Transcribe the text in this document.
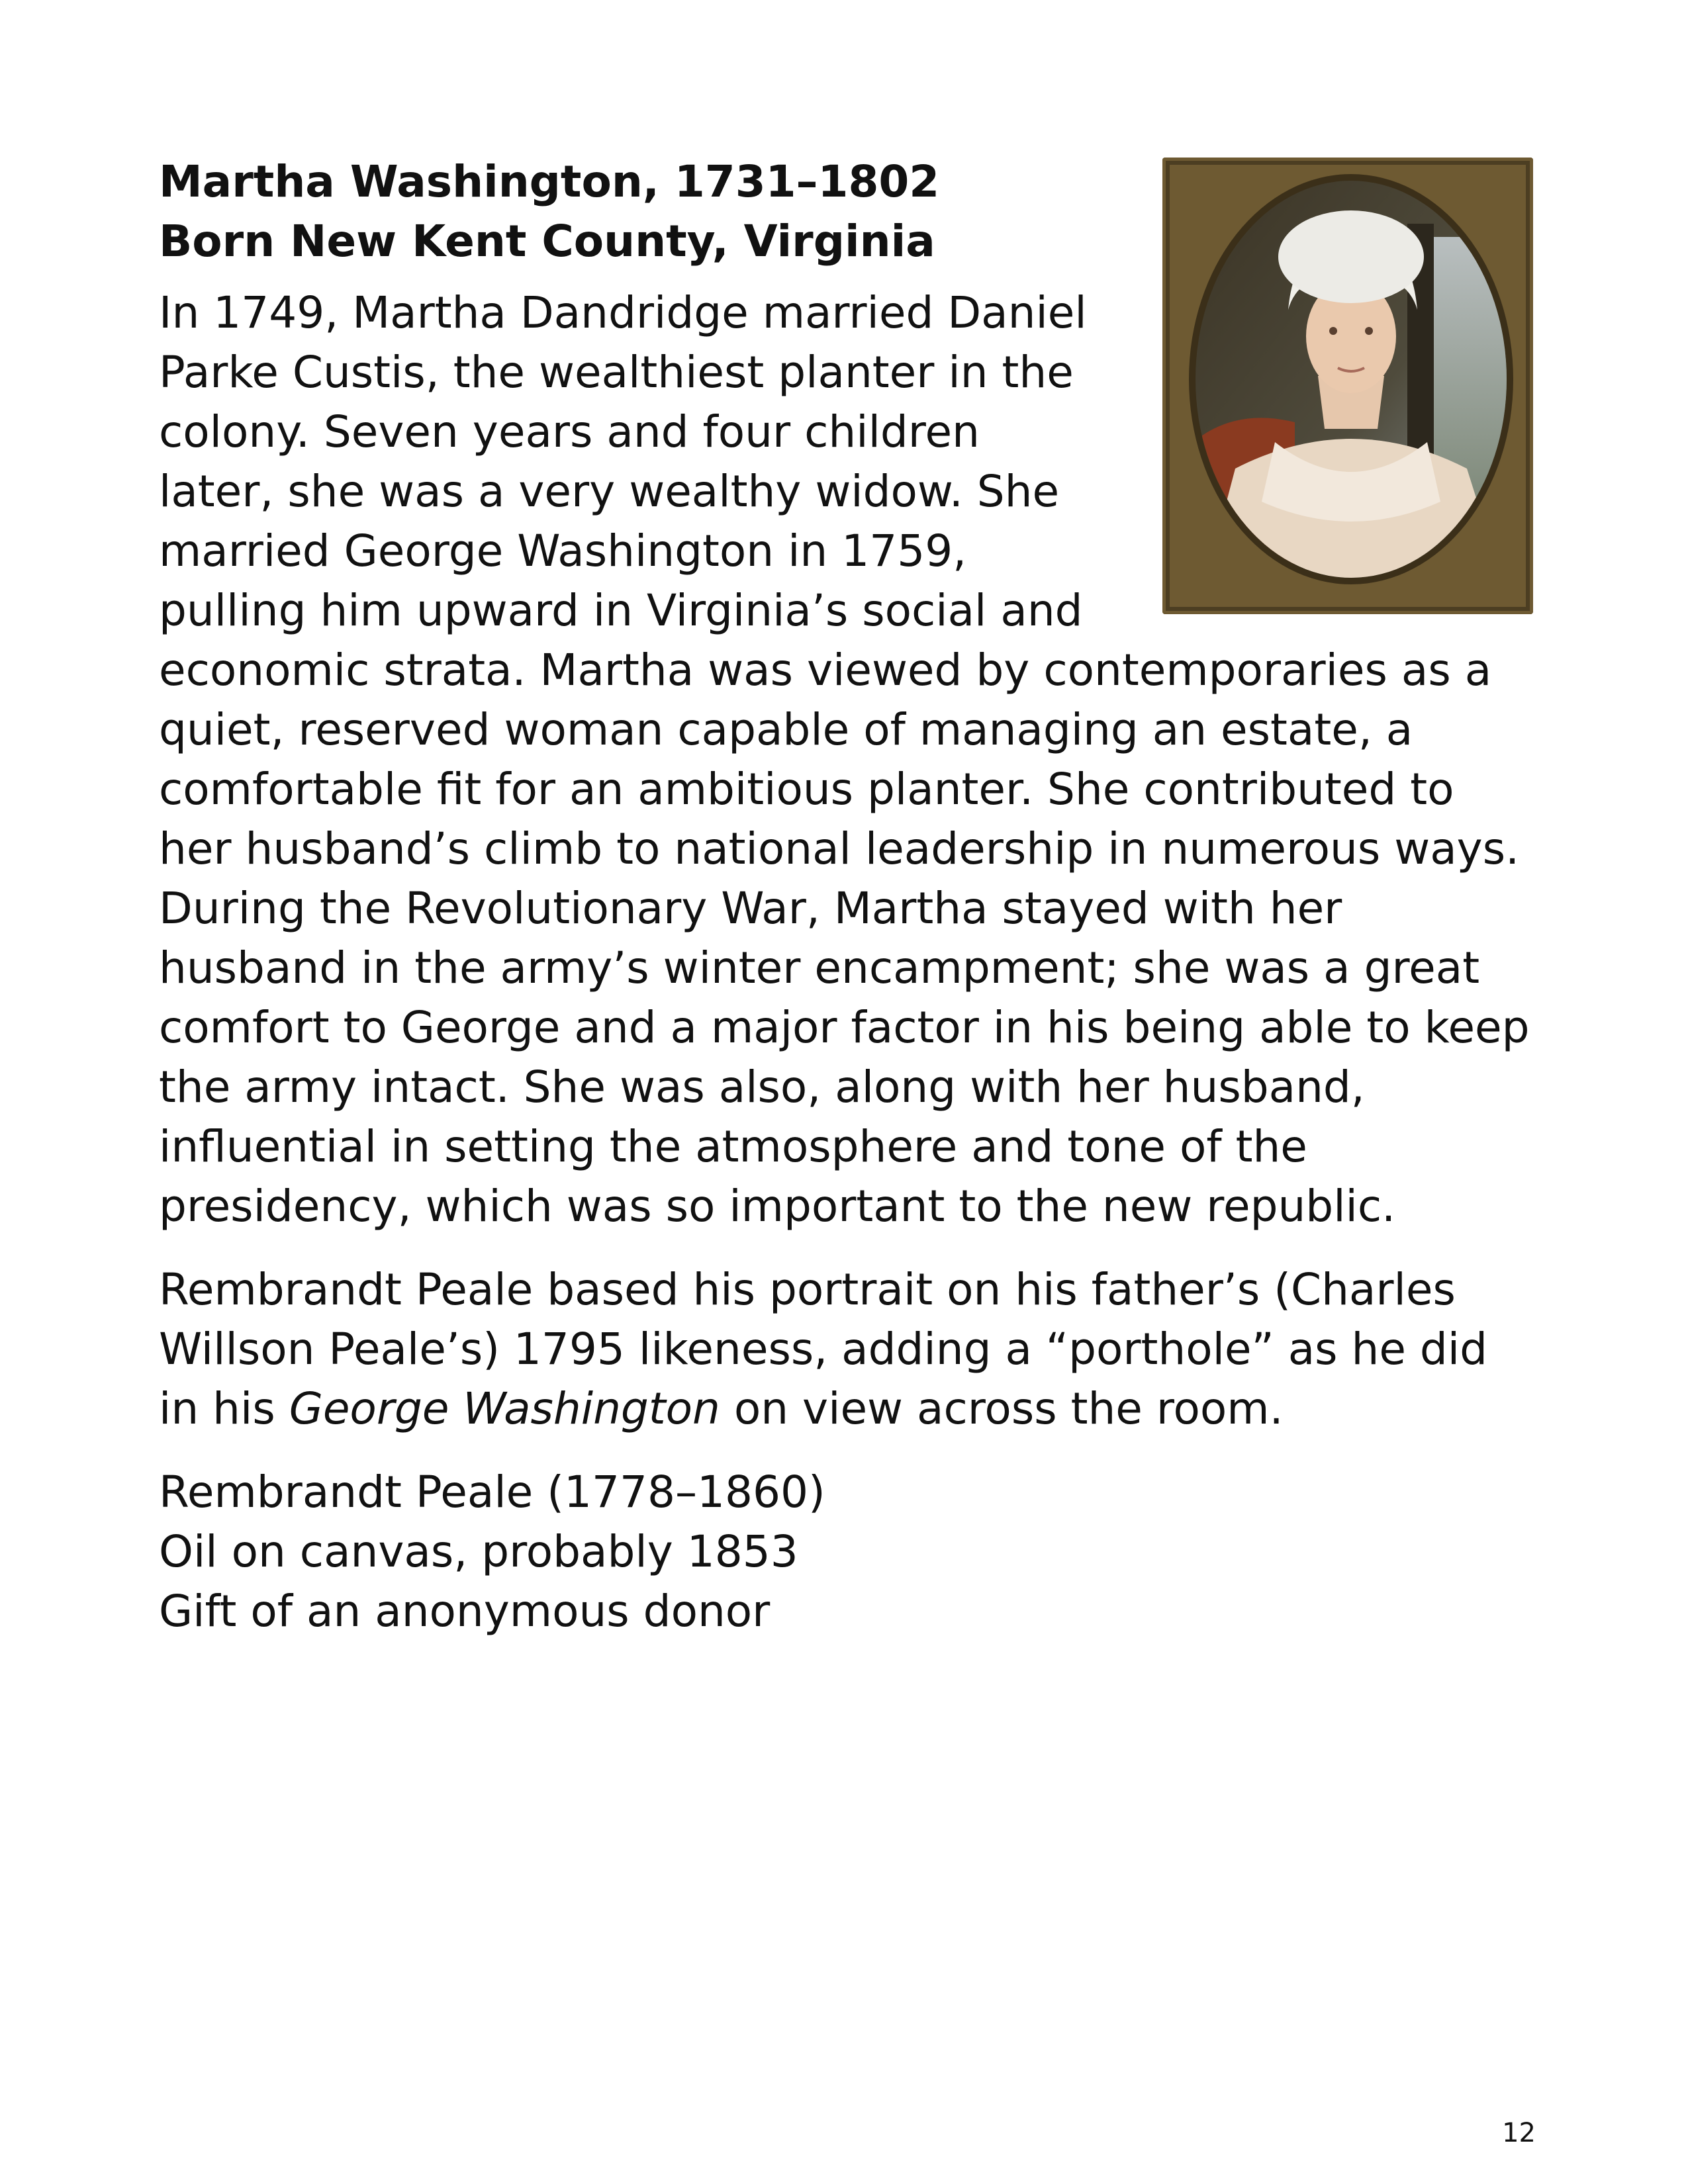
Martha Washington, 1731–1802
Born New Kent County, Virginia

In 1749, Martha Dandridge married Daniel Parke Custis, the wealthiest planter in the colony. Seven years and four children later, she was a very wealthy widow. She married George Washington in 1759, pulling him upward in Virginia’s social and economic strata. Martha was viewed by contemporaries as a quiet, reserved woman capable of managing an estate, a comfortable fit for an ambitious planter. She contributed to her husband’s climb to national leadership in numerous ways. During the Revolutionary War, Martha stayed with her husband in the army’s winter encampment; she was a great comfort to George and a major factor in his being able to keep the army intact. She was also, along with her husband, influential in setting the atmosphere and tone of the presidency, which was so important to the new republic.

Rembrandt Peale based his portrait on his father’s (Charles Willson Peale’s) 1795 likeness, adding a “porthole” as he did in his George Washington on view across the room.

Rembrandt Peale (1778–1860)
Oil on canvas, probably 1853
Gift of an anonymous donor
12
